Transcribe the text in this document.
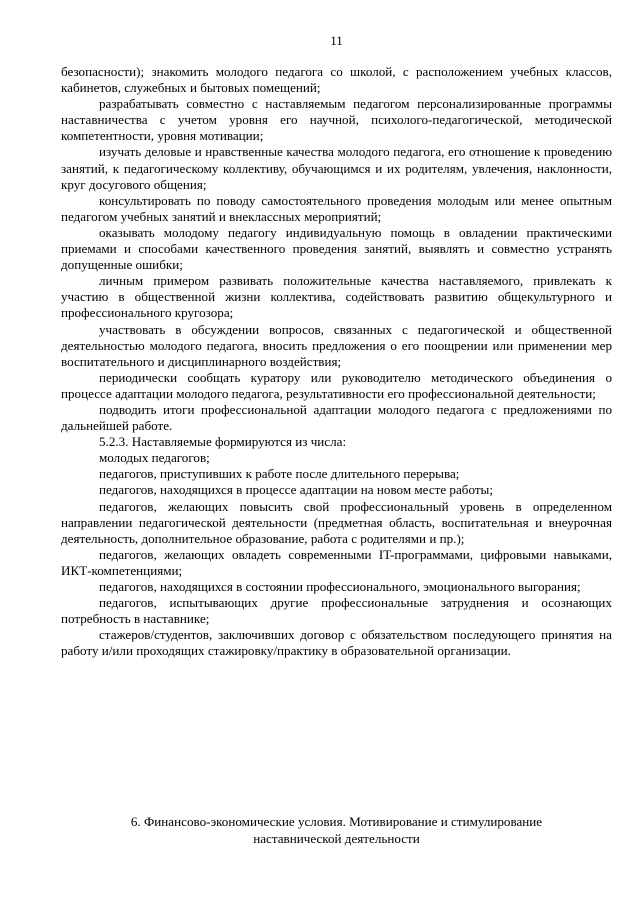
11

безопасности); знакомить молодого педагога со школой, с расположением учебных классов, кабинетов, служебных и бытовых помещений;

разрабатывать совместно с наставляемым педагогом персонализированные программы наставничества с учетом уровня его научной, психолого-педагогической, методической компетентности, уровня мотивации;

изучать деловые и нравственные качества молодого педагога, его отношение к проведению занятий, к педагогическому коллективу, обучающимся и их родителям, увлечения, наклонности, круг досугового общения;

консультировать по поводу самостоятельного проведения молодым или менее опытным педагогом учебных занятий и внеклассных мероприятий;

оказывать молодому педагогу индивидуальную помощь в овладении практическими приемами и способами качественного проведения занятий, выявлять и совместно устранять допущенные ошибки;

личным примером развивать положительные качества наставляемого, привлекать к участию в общественной жизни коллектива, содействовать развитию общекультурного и профессионального кругозора;

участвовать в обсуждении вопросов, связанных с педагогической и общественной деятельностью молодого педагога, вносить предложения о его поощрении или применении мер воспитательного и дисциплинарного воздействия;

периодически сообщать куратору или руководителю методического объединения о процессе адаптации молодого педагога, результативности его профессиональной деятельности;

подводить итоги профессиональной адаптации молодого педагога с предложениями по дальнейшей работе.

5.2.3. Наставляемые формируются из числа:

молодых педагогов;

педагогов, приступивших к работе после длительного перерыва;

педагогов, находящихся в процессе адаптации на новом месте работы;

педагогов, желающих повысить свой профессиональный уровень в определенном направлении педагогической деятельности (предметная область, воспитательная и внеурочная деятельность, дополнительное образование, работа с родителями и пр.);

педагогов, желающих овладеть современными IT-программами, цифровыми навыками, ИКТ-компетенциями;

педагогов, находящихся в состоянии профессионального, эмоционального выгорания;

педагогов, испытывающих другие профессиональные затруднения и осознающих потребность в наставнике;

стажеров/студентов, заключивших договор с обязательством последующего принятия на работу и/или проходящих стажировку/практику в образовательной организации.

6. Финансово-экономические условия. Мотивирование и стимулирование
наставнической деятельности
